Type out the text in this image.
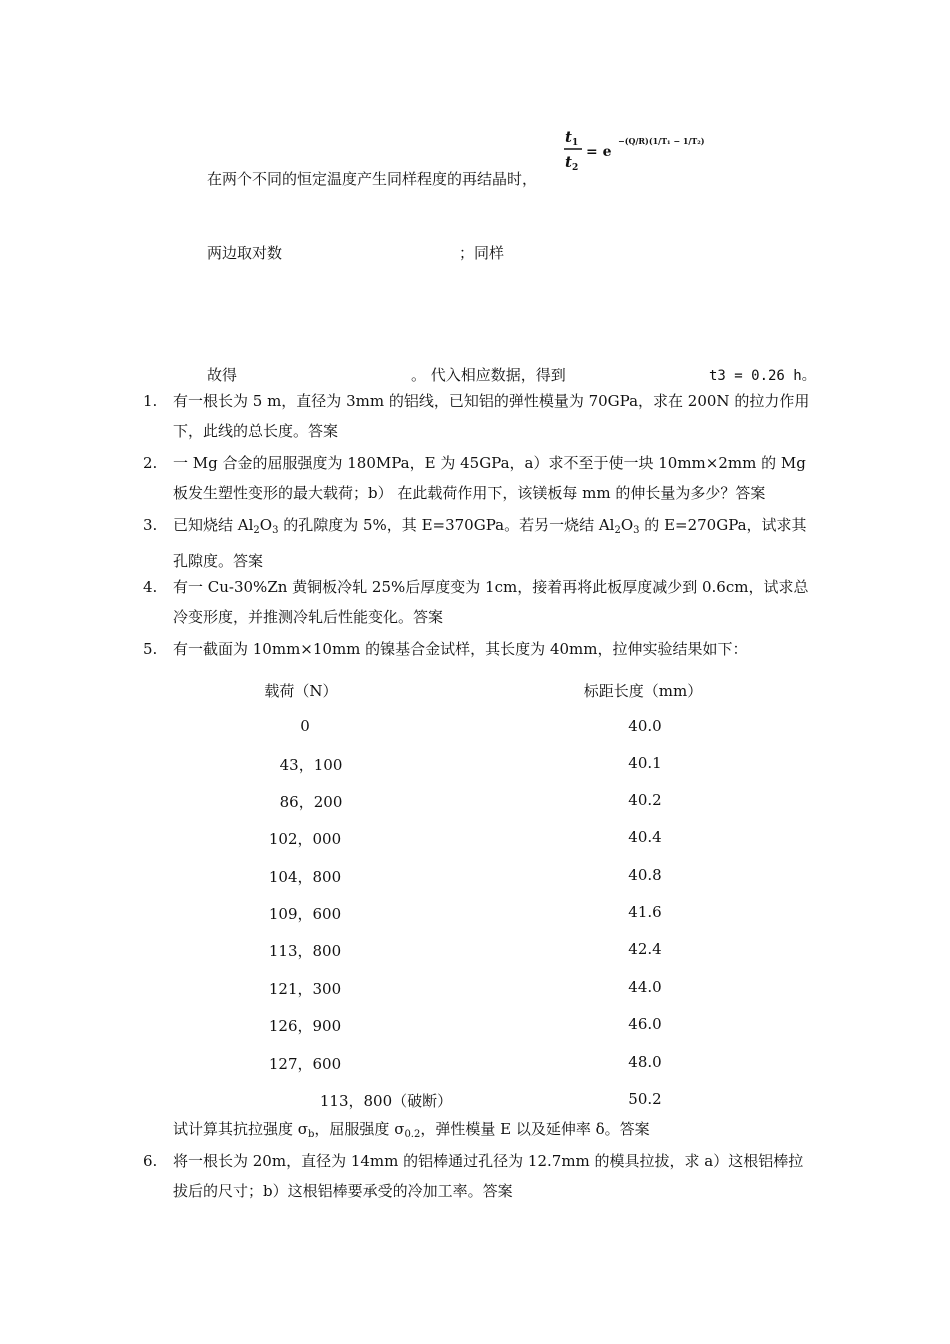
在两个不同的恒定温度产生同样程度的再结晶时，
t 1
t 2
= e
−(Q/R)(1/T₁ − 1/T₂)
两边取对数	；同样
故得	。 代入相应数据，得到	t3 = 0.26 h。
1.	有一根长为 5 m，直径为 3mm 的铝线，已知铝的弹性模量为 70GPa，求在 200N 的拉力作用下，此线的总长度。答案
2.	一 Mg 合金的屈服强度为 180MPa，E 为 45GPa，a）求不至于使一块 10mm×2mm 的 Mg 板发生塑性变形的最大载荷；b） 在此载荷作用下，该镁板每 mm 的伸长量为多少？答案
3.	已知烧结 $Al_2O_3$ 的孔隙度为 5%，其 E=370GPa。若另一烧结 $Al_2O_3$ 的 E=270GPa，试求其孔隙度。答案
4.	有一 Cu-30%Zn 黄铜板冷轧 25%后厚度变为 1cm，接着再将此板厚度减少到 0.6cm，试求总冷变形度，并推测冷轧后性能变化。答案
5.	有一截面为 10mm×10mm 的镍基合金试样，其长度为 40mm，拉伸实验结果如下：
载荷（N）	标距长度（mm）
0	40.0
43，100	40.1
86，200	40.2
102，000	40.4
104，800	40.8
109，600	41.6
113，800	42.4
121，300	44.0
126，900	46.0
127，600	48.0
113，800（破断）	50.2
试计算其抗拉强度 $\sigma_b$，屈服强度 $\sigma_{0.2}$，弹性模量 E 以及延伸率 δ。答案
6.	将一根长为 20m，直径为 14mm 的铝棒通过孔径为 12.7mm 的模具拉拔，求 a）这根铝棒拉拔后的尺寸；b）这根铝棒要承受的冷加工率。答案
